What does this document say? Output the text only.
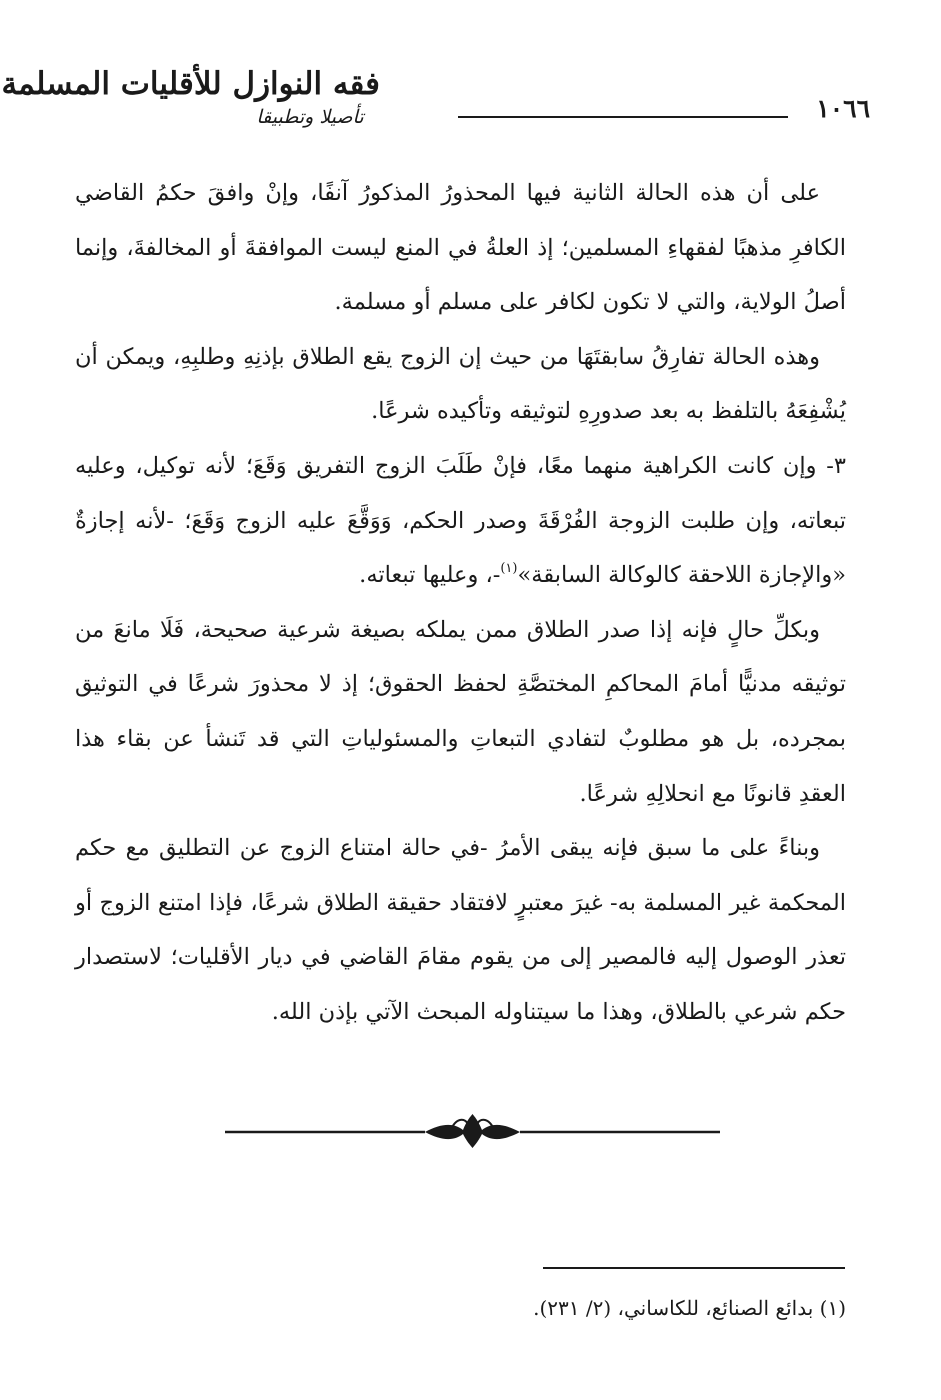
١٠٦٦
فقه النوازل للأقليات المسلمة
تأصيلا وتطبيقا

على أن هذه الحالة الثانية فيها المحذورُ المذكورُ آنفًا، وإنْ وافقَ حكمُ القاضي الكافرِ مذهبًا لفقهاءِ المسلمين؛ إذ العلةُ في المنع ليست الموافقةَ أو المخالفةَ، وإنما أصلُ الولاية، والتي لا تكون لكافر على مسلم أو مسلمة.

وهذه الحالة تفارِقُ سابقتَهَا من حيث إن الزوج يقع الطلاق بإذنِهِ وطلبِهِ، ويمكن أن يُشْفِعَهُ بالتلفظ به بعد صدورِهِ لتوثيقه وتأكيده شرعًا.

٣- وإن كانت الكراهية منهما معًا، فإنْ طَلَبَ الزوج التفريق وَقَعَ؛ لأنه توكيل، وعليه تبعاته، وإن طلبت الزوجة الفُرْقَةَ وصدر الحكم، وَوَقَّعَ عليه الزوج وَقَعَ؛ -لأنه إجازةٌ «والإجازة اللاحقة كالوكالة السابقة»$^{(١)}$-، وعليها تبعاته.

وبكلِّ حالٍ فإنه إذا صدر الطلاق ممن يملكه بصيغة شرعية صحيحة، فَلَا مانعَ من توثيقه مدنيًّا أمامَ المحاكمِ المختصَّةِ لحفظ الحقوق؛ إذ لا محذورَ شرعًا في التوثيق بمجرده، بل هو مطلوبٌ لتفادي التبعاتِ والمسئولياتِ التي قد تَنشأ عن بقاء هذا العقدِ قانونًا مع انحلالِهِ شرعًا.

وبناءً على ما سبق فإنه يبقى الأمرُ -في حالة امتناع الزوج عن التطليق مع حكم المحكمة غير المسلمة به- غيرَ معتبرٍ لافتقاد حقيقة الطلاق شرعًا، فإذا امتنع الزوج أو تعذر الوصول إليه فالمصير إلى من يقوم مقامَ القاضي في ديار الأقليات؛ لاستصدار حكم شرعي بالطلاق، وهذا ما سيتناوله المبحث الآتي بإذن الله.

(١) بدائع الصنائع، للكاساني، (٢/ ٢٣١).
